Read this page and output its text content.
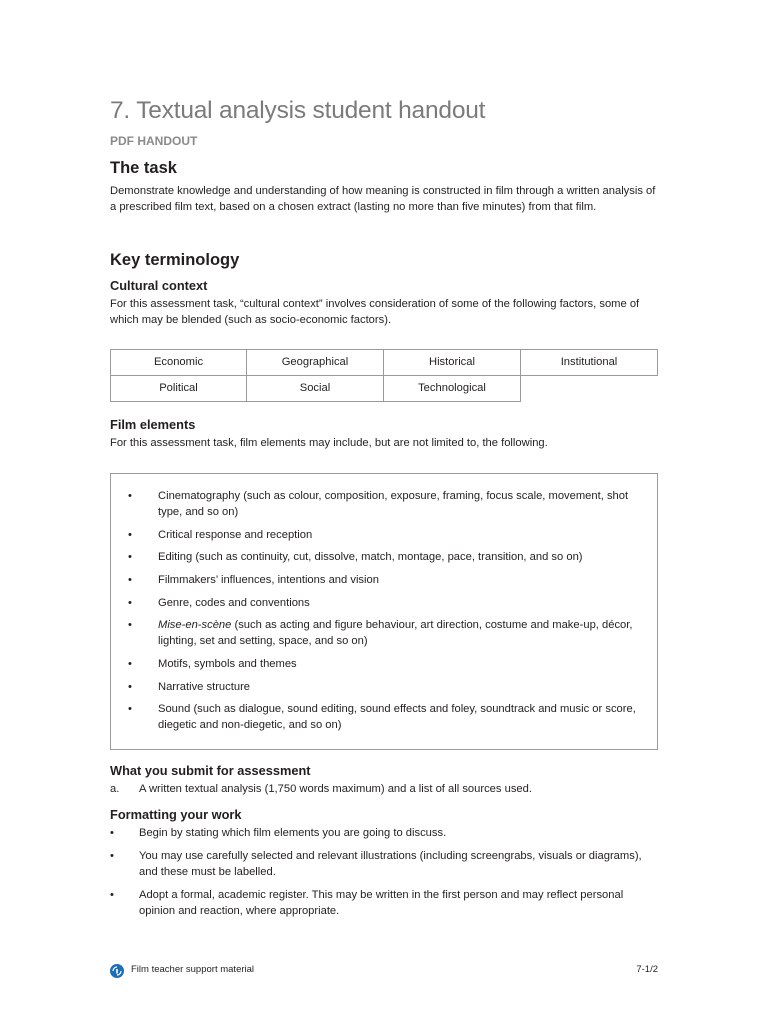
7. Textual analysis student handout
PDF HANDOUT
The task

Demonstrate knowledge and understanding of how meaning is constructed in film through a written analysis of a prescribed film text, based on a chosen extract (lasting no more than five minutes) from that film.

Key terminology
Cultural context

For this assessment task, “cultural context” involves consideration of some of the following factors, some of which may be blended (such as socio-economic factors).

Economic	Geographical	Historical	Institutional
Political	Social	Technological
Film elements

For this assessment task, film elements may include, but are not limited to, the following.

• Cinematography (such as colour, composition, exposure, framing, focus scale, movement, shot type, and so on)
• Critical response and reception
• Editing (such as continuity, cut, dissolve, match, montage, pace, transition, and so on)
• Filmmakers’ influences, intentions and vision
• Genre, codes and conventions
• Mise-en-scène (such as acting and figure behaviour, art direction, costume and make-up, décor, lighting, set and setting, space, and so on)
• Motifs, symbols and themes
• Narrative structure
• Sound (such as dialogue, sound editing, sound effects and foley, soundtrack and music or score, diegetic and non-diegetic, and so on)
What you submit for assessment
a. A written textual analysis (1,750 words maximum) and a list of all sources used.
Formatting your work
• Begin by stating which film elements you are going to discuss.
• You may use carefully selected and relevant illustrations (including screengrabs, visuals or diagrams), and these must be labelled.
• Adopt a formal, academic register. This may be written in the first person and may reflect personal opinion and reaction, where appropriate.
Film teacher support material	7-1/2
